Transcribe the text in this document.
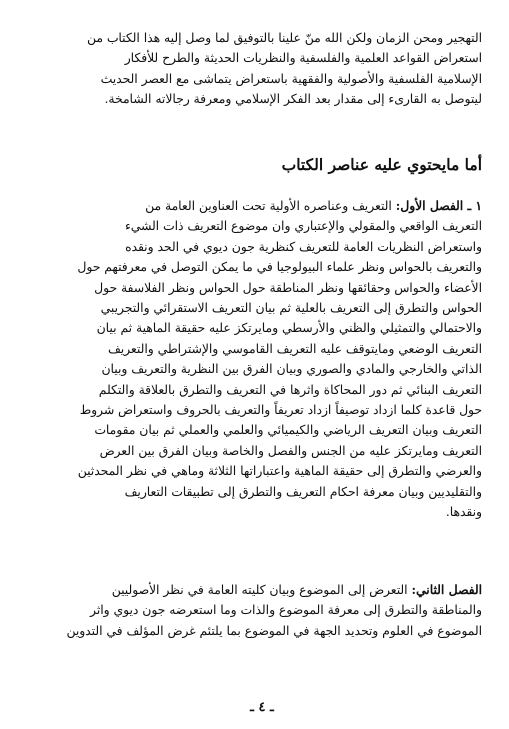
التهجير ومحن الزمان ولكن الله منّ علينا بالتوفيق لما وصل إليه هذا الكتاب من
استعراض القواعد العلمية والفلسفية والنظريات الحديثة والطرح للأفكار
الإسلامية الفلسفية والأصولية والفقهية باستعراض يتماشى مع العصر الحديث
ليتوصل به القارىء إلى مقدار بعد الفكر الإسلامي ومعرفة رجالاته الشامخة.

أما مايحتوي عليه عناصر الكتاب

١ ـ الفصل الأول: التعريف وعناصره الأولية تحت العناوين العامة من
التعريف الواقعي والمقولي والإعتباري وان موضوع التعريف ذات الشيء
واستعراض النظريات العامة للتعريف كنظرية جون ديوي في الحد ونقده
والتعريف بالحواس ونظر علماء البيولوجيا في ما يمكن التوصل في معرفتهم حول
الأعضاء والحواس وحقائقها ونظر المناطقة حول الحواس ونظر الفلاسفة حول
الحواس والتطرق إلى التعريف بالعلية ثم بيان التعريف الاستقرائي والتجريبي
والاحتمالي والتمثيلي والظني والأرسطي ومايرتكز عليه حقيقة الماهية ثم بيان
التعريف الوضعي ومايتوقف عليه التعريف القاموسي والإشتراطي والتعريف
الذاتي والخارجي والمادي والصوري وبيان الفرق بين النظرية والتعريف وبيان
التعريف البنائي ثم دور المحاكاة واثرها في التعريف والتطرق بالعلاقة والتكلم
حول قاعدة كلما ازداد توصيفاً ازداد تعريفاً والتعريف بالحروف واستعراض شروط
التعريف وبيان التعريف الرياضي والكيميائي والعلمي والعملي ثم بيان مقومات
التعريف ومايرتكز عليه من الجنس والفصل والخاصة وبيان الفرق بين العرض
والعرضي والتطرق إلى حقيقة الماهية واعتباراتها الثلاثة وماهي في نظر المحدثين
والتقليديين وبيان معرفة احكام التعريف والتطرق إلى تطبيقات التعاريف
ونقدها.

الفصل الثاني: التعرض إلى الموضوع وبيان كليته العامة في نظر الأصوليين
والمناطقة والتطرق إلى معرفة الموضوع والذات وما استعرضه جون ديوي واثر
الموضوع في العلوم وتحديد الجهة في الموضوع بما يلتئم غرض المؤلف في التدوين

ـ ٤ ـ
